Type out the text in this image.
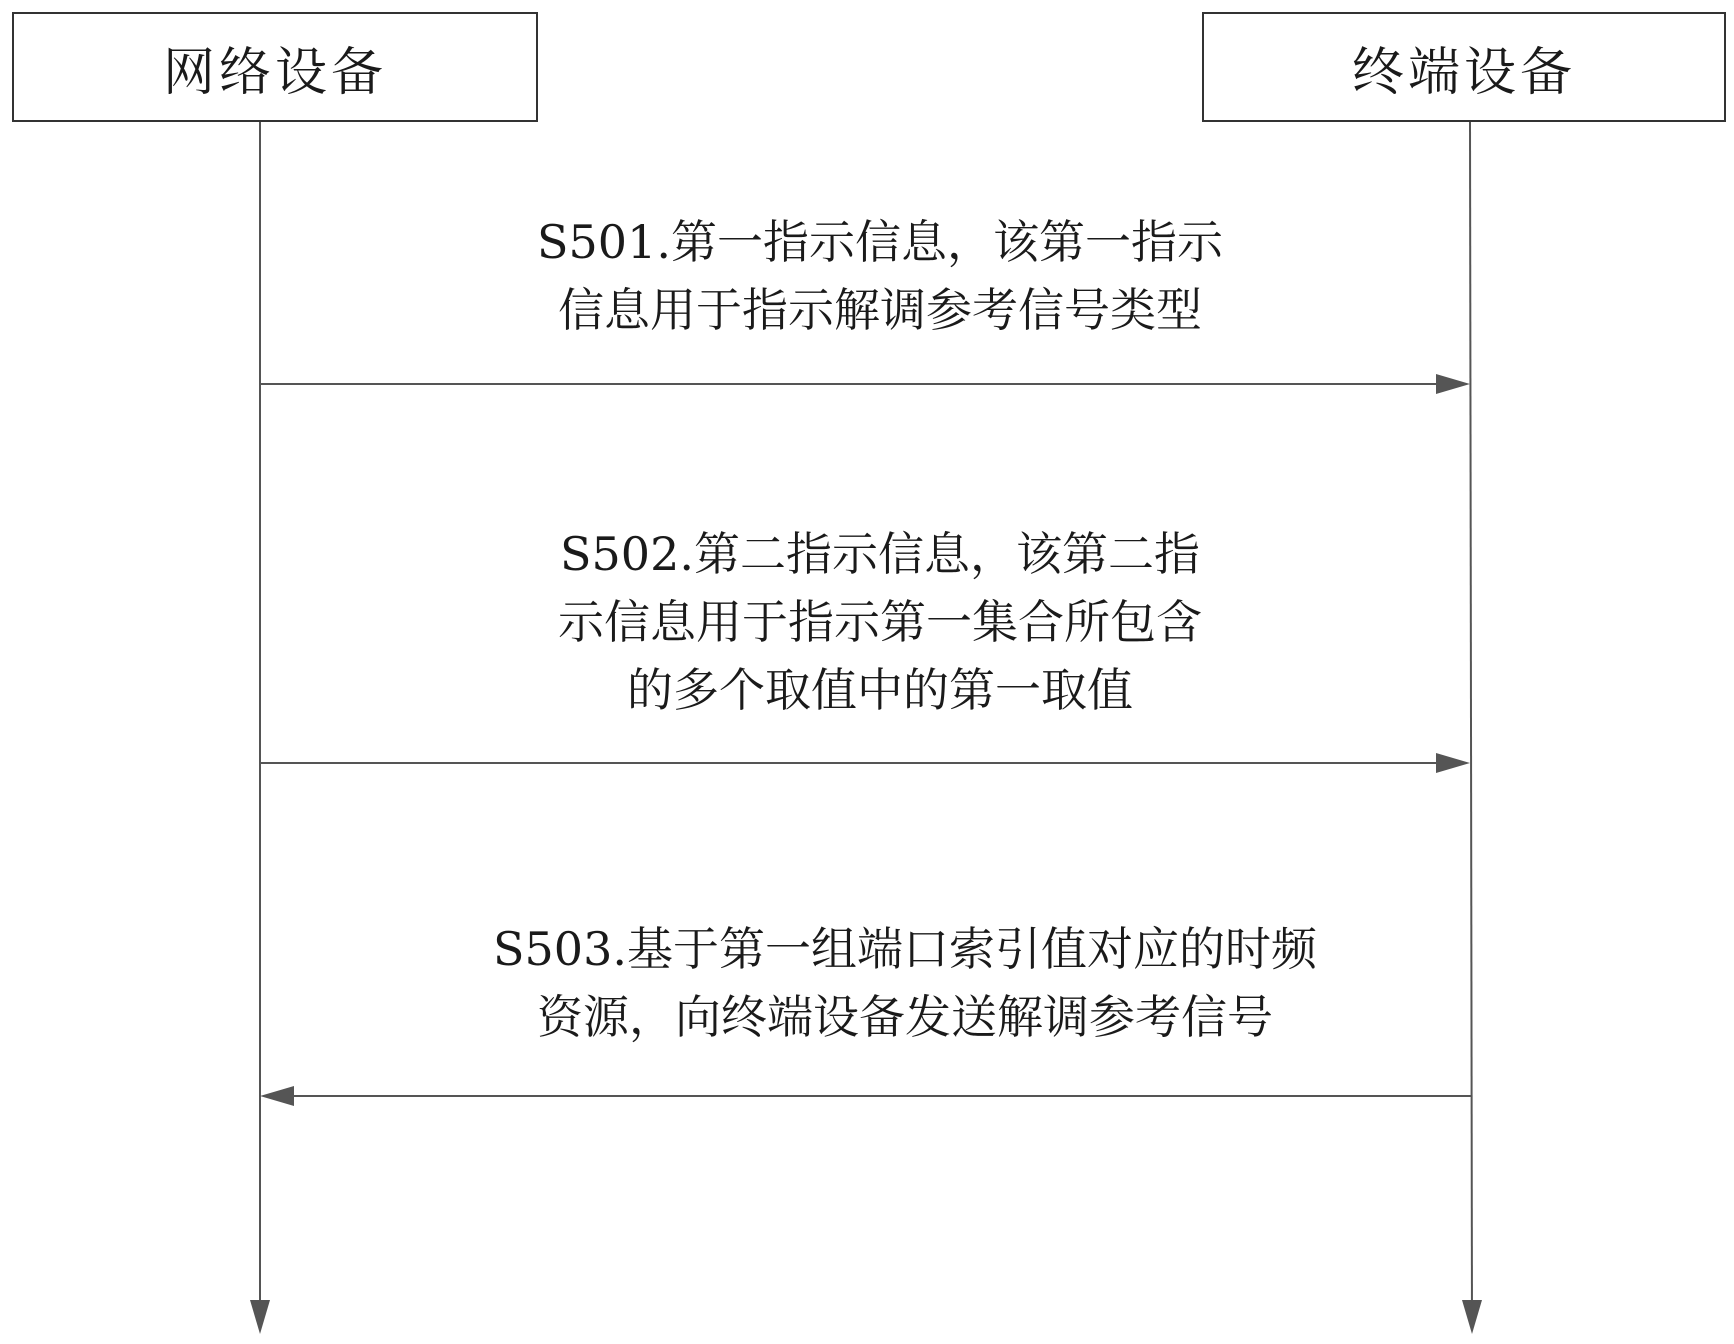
网络设备	终端设备
S501.第一指示信息，该第一指示
信息用于指示解调参考信号类型
S502.第二指示信息，该第二指
示信息用于指示第一集合所包含
的多个取值中的第一取值
S503.基于第一组端口索引值对应的时频
资源，向终端设备发送解调参考信号
